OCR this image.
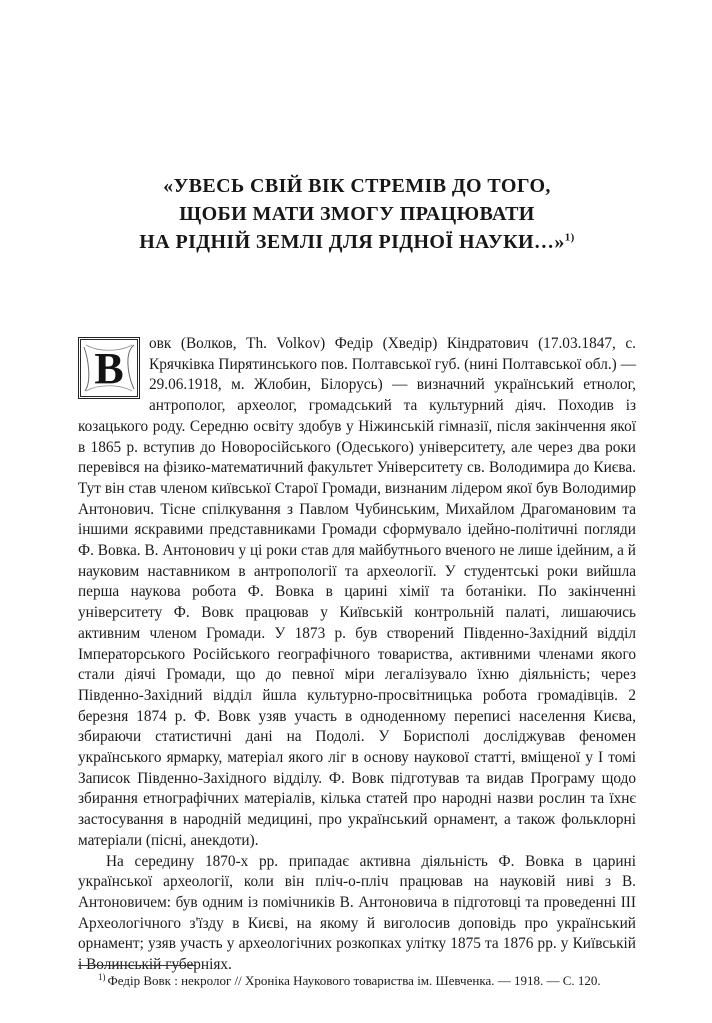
«УВЕСЬ СВІЙ ВІК СТРЕМІВ ДО ТОГО,
ЩОБИ МАТИ ЗМОГУ ПРАЦЮВАТИ
НА РІДНІЙ ЗЕМЛІ ДЛЯ РІДНОЇ НАУКИ…»$^{1)}$

В
овк (Волков, Th. Volkov) Федір (Хведір) Кіндратович (17.03.1847, с. Крячківка Пирятинського пов. Полтавської губ. (нині Полтавської обл.) — 29.06.1918, м. Жлобин, Білорусь) — визначний український етнолог, антрополог, археолог, громадський та культурний діяч. Походив із козацького роду. Середню освіту здобув у Ніжинській гімназії, після закінчення якої в 1865 р. вступив до Новоросійського (Одеського) університету, але через два роки перевівся на фізико-математичний факультет Університету св. Володимира до Києва. Тут він став членом київської Старої Громади, визнаним лідером якої був Володимир Антонович. Тісне спілкування з Павлом Чубинським, Михайлом Драгомановим та іншими яскравими представниками Громади сформувало ідейно-політичні погляди Ф. Вовка. В. Антонович у ці роки став для майбутнього вченого не лише ідейним, а й науковим наставником в антропології та археології. У студентські роки вийшла перша наукова робота Ф. Вовка в царині хімії та ботаніки. По закінченні університету Ф. Вовк працював у Київській контрольній палаті, лишаючись активним членом Громади. У 1873 р. був створений Південно-Західний відділ Імператорського Російського географічного товариства, активними членами якого стали діячі Громади, що до певної міри легалізувало їхню діяльність; через Південно-Західний відділ йшла культурно-просвітницька робота громадівців. 2 березня 1874 р. Ф. Вовк узяв участь в одноденному переписі населення Києва, збираючи статистичні дані на Подолі. У Борисполі досліджував феномен українського ярмарку, матеріал якого ліг в основу наукової статті, вміщеної у І томі Записок Південно-Західного відділу. Ф. Вовк підготував та видав Програму щодо збирання етнографічних матеріалів, кілька статей про народні назви рослин та їхнє застосування в народній медицині, про український орнамент, а також фольклорні матеріали (пісні, анекдоти).

На середину 1870-х рр. припадає активна діяльність Ф. Вовка в царині української археології, коли він пліч-о-пліч працював на науковій ниві з В. Антоновичем: був одним із помічників В. Антоновича в підготовці та проведенні ІІІ Археологічного з'їзду в Києві, на якому й виголосив доповідь про український орнамент; узяв участь у археологічних розкопках улітку 1875 та 1876 рр. у Київській і Волинській губерніях.

$^{1)}$ Федір Вовк : некролог // Хроніка Наукового товариства ім. Шевченка. — 1918. — С. 120.
